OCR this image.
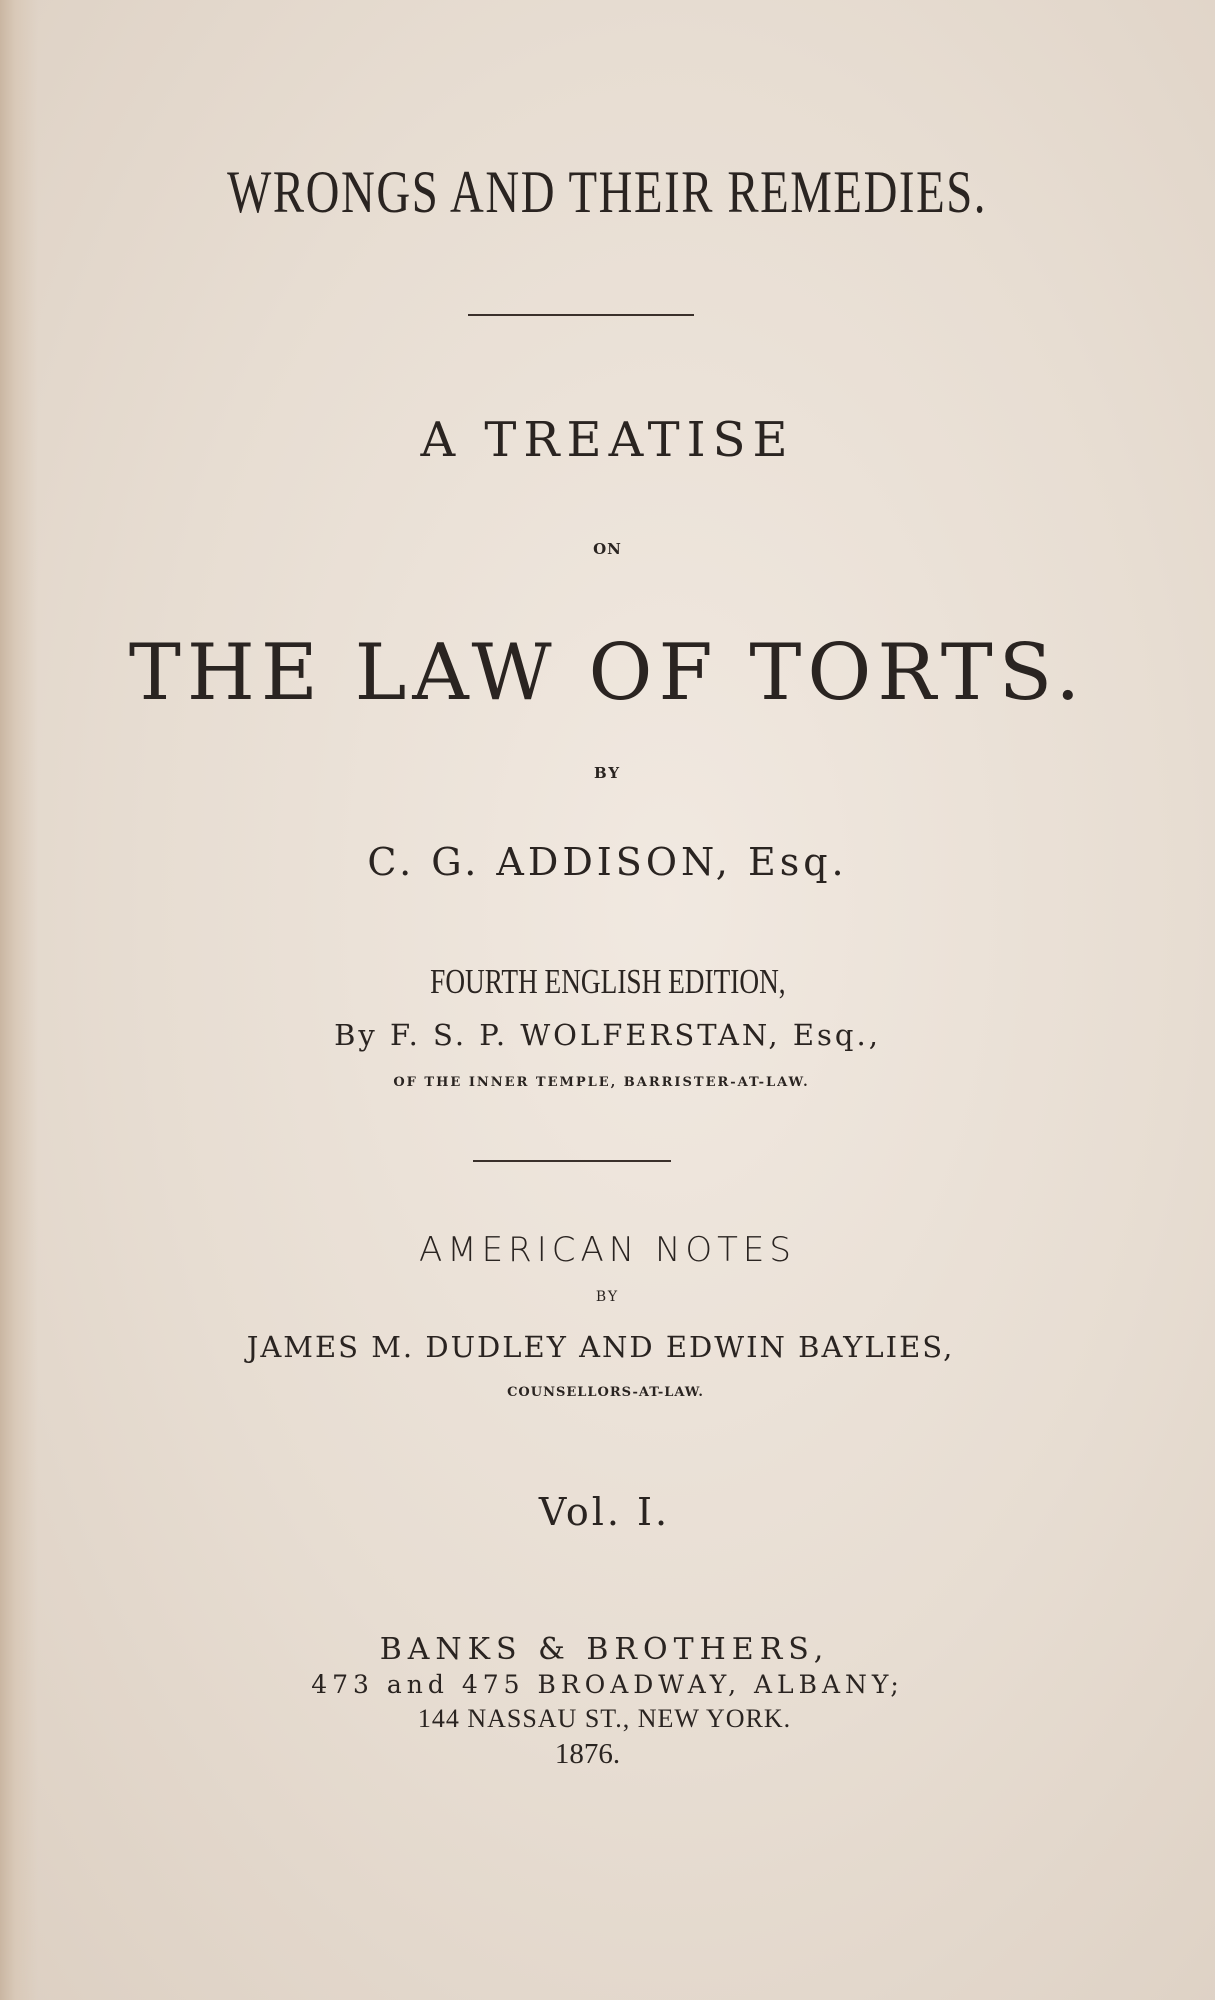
WRONGS AND THEIR REMEDIES.
A TREATISE
ON
THE LAW OF TORTS.
BY
C. G. ADDISON, Esq.
FOURTH ENGLISH EDITION,
By F. S. P. WOLFERSTAN, Esq.,
OF THE INNER TEMPLE, BARRISTER-AT-LAW.
AMERICAN NOTES
BY
JAMES M. DUDLEY AND EDWIN BAYLIES,
COUNSELLORS-AT-LAW.
Vol. I.
BANKS & BROTHERS,
473 and 475 BROADWAY, ALBANY;
144 NASSAU ST., NEW YORK.
1876.
